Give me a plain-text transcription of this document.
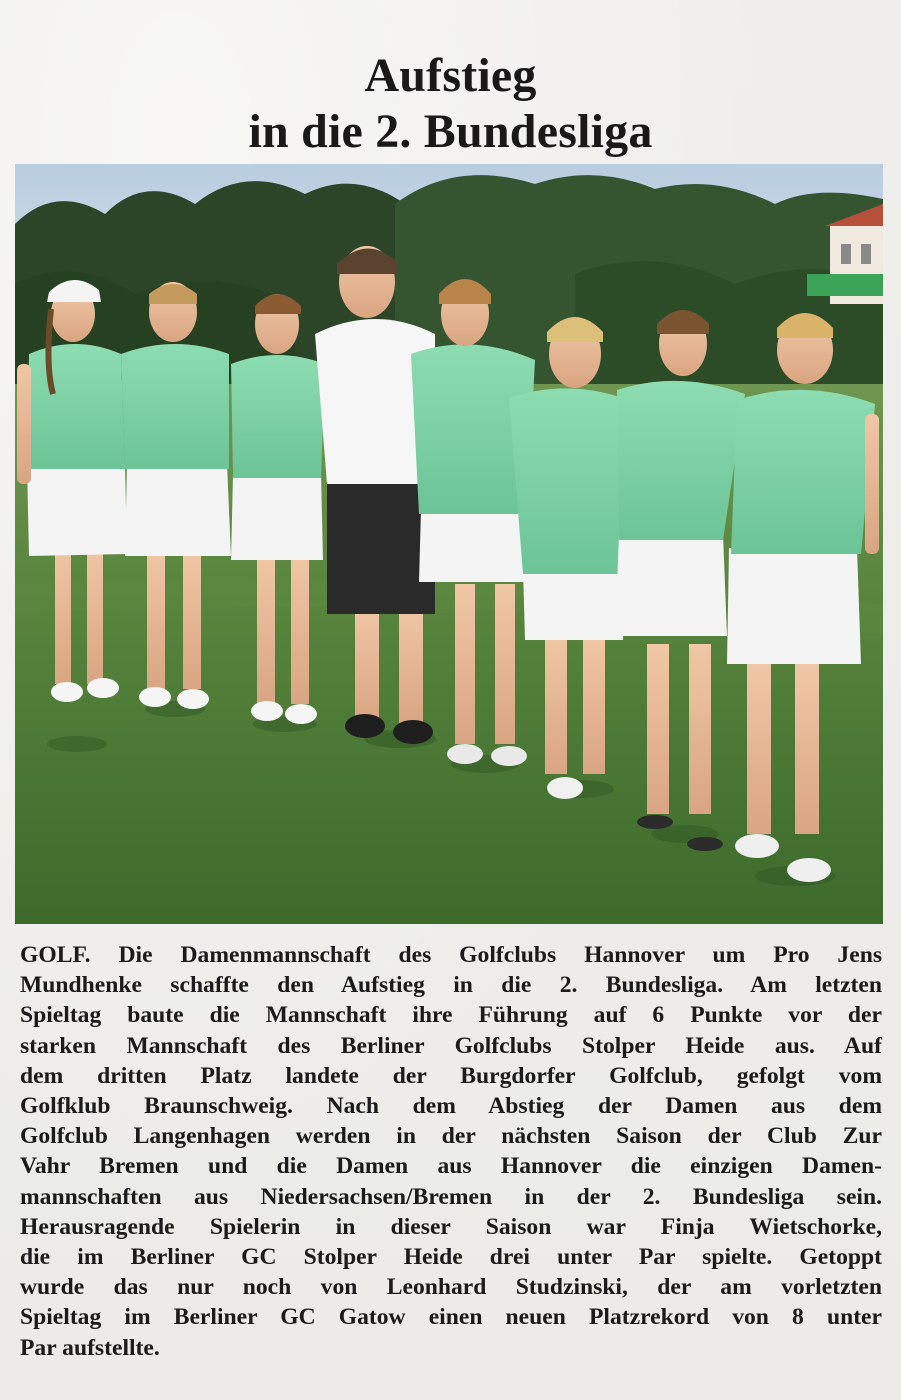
Aufstieg
in die 2. Bundesliga
GOLF. Die Damenmannschaft des Golfclubs Hannover um Pro Jens
Mundhenke schaffte den Aufstieg in die 2. Bundesliga. Am letzten
Spieltag baute die Mannschaft ihre Führung auf 6 Punkte vor der
starken Mannschaft des Berliner Golfclubs Stolper Heide aus. Auf
dem dritten Platz landete der Burgdorfer Golfclub, gefolgt vom
Golfklub Braunschweig. Nach dem Abstieg der Damen aus dem
Golfclub Langenhagen werden in der nächsten Saison der Club Zur
Vahr Bremen und die Damen aus Hannover die einzigen Damen-
mannschaften aus Niedersachsen/Bremen in der 2. Bundesliga sein.
Herausragende Spielerin in dieser Saison war Finja Wietschorke,
die im Berliner GC Stolper Heide drei unter Par spielte. Getoppt
wurde das nur noch von Leonhard Studzinski, der am vorletzten
Spieltag im Berliner GC Gatow einen neuen Platzrekord von 8 unter
Par aufstellte.
